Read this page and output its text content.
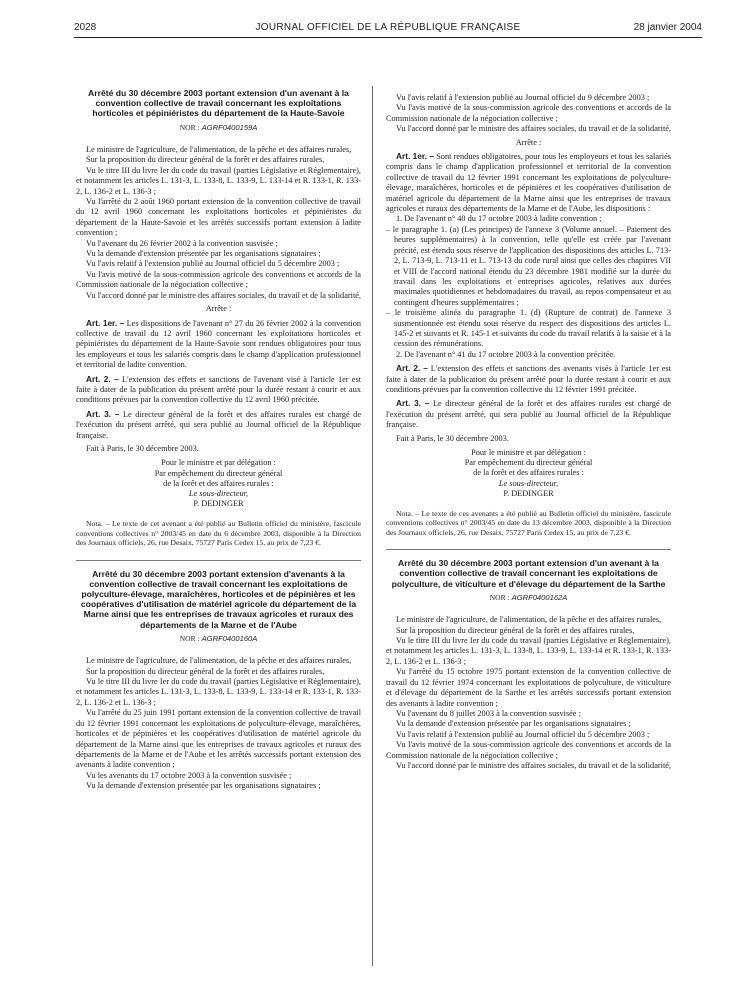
2028	JOURNAL OFFICIEL DE LA RÉPUBLIQUE FRANÇAISE	28 janvier 2004
Arrêté du 30 décembre 2003 portant extension d'un avenant à la convention collective de travail concernant les exploitations horticoles et pépiniéristes du département de la Haute-Savoie
NOR : AGRF0400159A

Le ministre de l'agriculture, de l'alimentation, de la pêche et des affaires rurales,

Sur la proposition du directeur général de la forêt et des affaires rurales,

Vu le titre III du livre Ier du code du travail (parties Législative et Réglementaire), et notamment les articles L. 131-3, L. 133-8, L. 133-9, L. 133-14 et R. 133-1, R. 133-2, L. 136-2 et L. 136-3 ;

Vu l'arrêté du 2 août 1960 portant extension de la convention collective de travail du 12 avril 1960 concernant les exploitations horticoles et pépiniéristes du département de la Haute-Savoie et les arrêtés successifs portant extension à ladite convention ;

Vu l'avenant du 26 février 2002 à la convention susvisée ;

Vu la demande d'extension présentée par les organisations signataires ;

Vu l'avis relatif à l'extension publié au Journal officiel du 5 décembre 2003 ;

Vu l'avis motivé de la sous-commission agricole des conventions et accords de la Commission nationale de la négociation collective ;

Vu l'accord donné par le ministre des affaires sociales, du travail et de la solidarité,

Arrête :

Art. 1er. – Les dispositions de l'avenant n° 27 du 26 février 2002 à la convention collective de travail du 12 avril 1960 concernant les exploitations horticoles et pépiniéristes du département de la Haute-Savoie sont rendues obligatoires pour tous les employeurs et tous les salariés compris dans le champ d'application professionnel et territorial de ladite convention.

Art. 2. – L'extension des effets et sanctions de l'avenant visé à l'article 1er est faite à dater de la publication du présent arrêté pour la durée restant à courir et aux conditions prévues par la convention collective du 12 avril 1960 précitée.

Art. 3. – Le directeur général de la forêt et des affaires rurales est chargé de l'exécution du présent arrêté, qui sera publié au Journal officiel de la République française.

Fait à Paris, le 30 décembre 2003.

Pour le ministre et par délégation :
Par empêchement du directeur général
de la forêt et des affaires rurales :
Le sous-directeur,
P. DEDINGER
Nota. – Le texte de cet avenant a été publié au Bulletin officiel du ministère, fascicule conventions collectives n° 2003/45 en date du 6 décembre 2003, disponible à la Direction des Journaux officiels, 26, rue Desaix, 75727 Paris Cedex 15, au prix de 7,23 €.
Arrêté du 30 décembre 2003 portant extension d'avenants à la convention collective de travail concernant les exploitations de polyculture-élevage, maraîchères, horticoles et de pépinières et les coopératives d'utilisation de matériel agricole du département de la Marne ainsi que les entreprises de travaux agricoles et ruraux des départements de la Marne et de l'Aube
NOR : AGRF0400160A

Le ministre de l'agriculture, de l'alimentation, de la pêche et des affaires rurales,

Sur la proposition du directeur général de la forêt et des affaires rurales,

Vu le titre III du livre Ier du code du travail (parties Législative et Réglementaire), et notamment les articles L. 131-3, L. 133-8, L. 133-9, L. 133-14 et R. 133-1, R. 133-2, L. 136-2 et L. 136-3 ;

Vu l'arrêté du 25 juin 1991 portant extension de la convention collective de travail du 12 février 1991 concernant les exploitations de polyculture-élevage, maraîchères, horticoles et de pépinières et les coopératives d'utilisation de matériel agricole du département de la Marne ainsi que les entreprises de travaux agricoles et ruraux des départements de la Marne et de l'Aube et les arrêtés successifs portant extension des avenants à ladite convention ;

Vu les avenants du 17 octobre 2003 à la convention susvisée ;

Vu la demande d'extension présentée par les organisations signataires ;

Vu l'avis relatif à l'extension publié au Journal officiel du 9 décembre 2003 ;

Vu l'avis motivé de la sous-commission agricole des conventions et accords de la Commission nationale de la négociation collective ;

Vu l'accord donné par le ministre des affaires sociales, du travail et de la solidarité,

Arrête :

Art. 1er. – Sont rendues obligatoires, pour tous les employeurs et tous les salariés compris dans le champ d'application professionnel et territorial de la convention collective de travail du 12 février 1991 concernant les exploitations de polyculture-élevage, maraîchères, horticoles et de pépinières et les coopératives d'utilisation de matériel agricole du département de la Marne ainsi que les entreprises de travaux agricoles et ruraux des départements de la Marne et de l'Aube, les dispositions :

1. De l'avenant n° 40 du 17 octobre 2003 à ladite convention ;

– le paragraphe 1. (a) (Les principes) de l'annexe 3 (Volume annuel. – Paiement des heures supplémentaires) à la convention, telle qu'elle est créée par l'avenant précité, est étendu sous réserve de l'application des dispositions des articles L. 713-2, L. 713-9, L. 713-11 et L. 713-13 du code rural ainsi que celles des chapitres VII et VIII de l'accord national étendu du 23 décembre 1981 modifié sur la durée du travail dans les exploitations et entreprises agricoles, relatives aux durées maximales quotidiennes et hebdomadaires du travail, au repos compensateur et au contingent d'heures supplémentaires ;

– le troisième alinéa du paragraphe 1. (d) (Rupture de contrat) de l'annexe 3 susmentionnée est étendu sous réserve du respect des dispositions des articles L. 145-2 et suivants et R. 145-1 et suivants du code du travail relatifs à la saisie et à la cession des rémunérations.

2. De l'avenant n° 41 du 17 octobre 2003 à la convention précitée.

Art. 2. – L'extension des effets et sanctions des avenants visés à l'article 1er est faite à dater de la publication du présent arrêté pour la durée restant à courir et aux conditions prévues par la convention collective du 12 février 1991 précitée.

Art. 3. – Le directeur général de la forêt et des affaires rurales est chargé de l'exécution du présent arrêté, qui sera publié au Journal officiel de la République française.

Fait à Paris, le 30 décembre 2003.

Pour le ministre et par délégation :
Par empêchement du directeur général
de la forêt et des affaires rurales :
Le sous-directeur,
P. DEDINGER
Nota. – Le texte de ces avenants a été publié au Bulletin officiel du ministère, fascicule conventions collectives n° 2003/45 en date du 13 décembre 2003, disponible à la Direction des Journaux officiels, 26, rue Desaix, 75727 Paris Cedex 15, au prix de 7,23 €.
Arrêté du 30 décembre 2003 portant extension d'un avenant à la convention collective de travail concernant les exploitations de polyculture, de viticulture et d'élevage du département de la Sarthe
NOR : AGRF0400162A

Le ministre de l'agriculture, de l'alimentation, de la pêche et des affaires rurales,

Sur la proposition du directeur général de la forêt et des affaires rurales,

Vu le titre III du livre Ier du code du travail (parties Législative et Réglementaire), et notamment les articles L. 131-3, L. 133-8, L. 133-9, L. 133-14 et R. 133-1, R. 133-2, L. 136-2 et L. 136-3 ;

Vu l'arrêté du 15 octobre 1975 portant extension de la convention collective de travail du 12 février 1974 concernant les exploitations de polyculture, de viticulture et d'élevage du département de la Sarthe et les arrêtés successifs portant extension des avenants à ladite convention ;

Vu l'avenant du 8 juillet 2003 à la convention susvisée ;

Vu la demande d'extension présentée par les organisations signataires ;

Vu l'avis relatif à l'extension publié au Journal officiel du 5 décembre 2003 ;

Vu l'avis motivé de la sous-commission agricole des conventions et accords de la Commission nationale de la négociation collective ;

Vu l'accord donné par le ministre des affaires sociales, du travail et de la solidarité,
